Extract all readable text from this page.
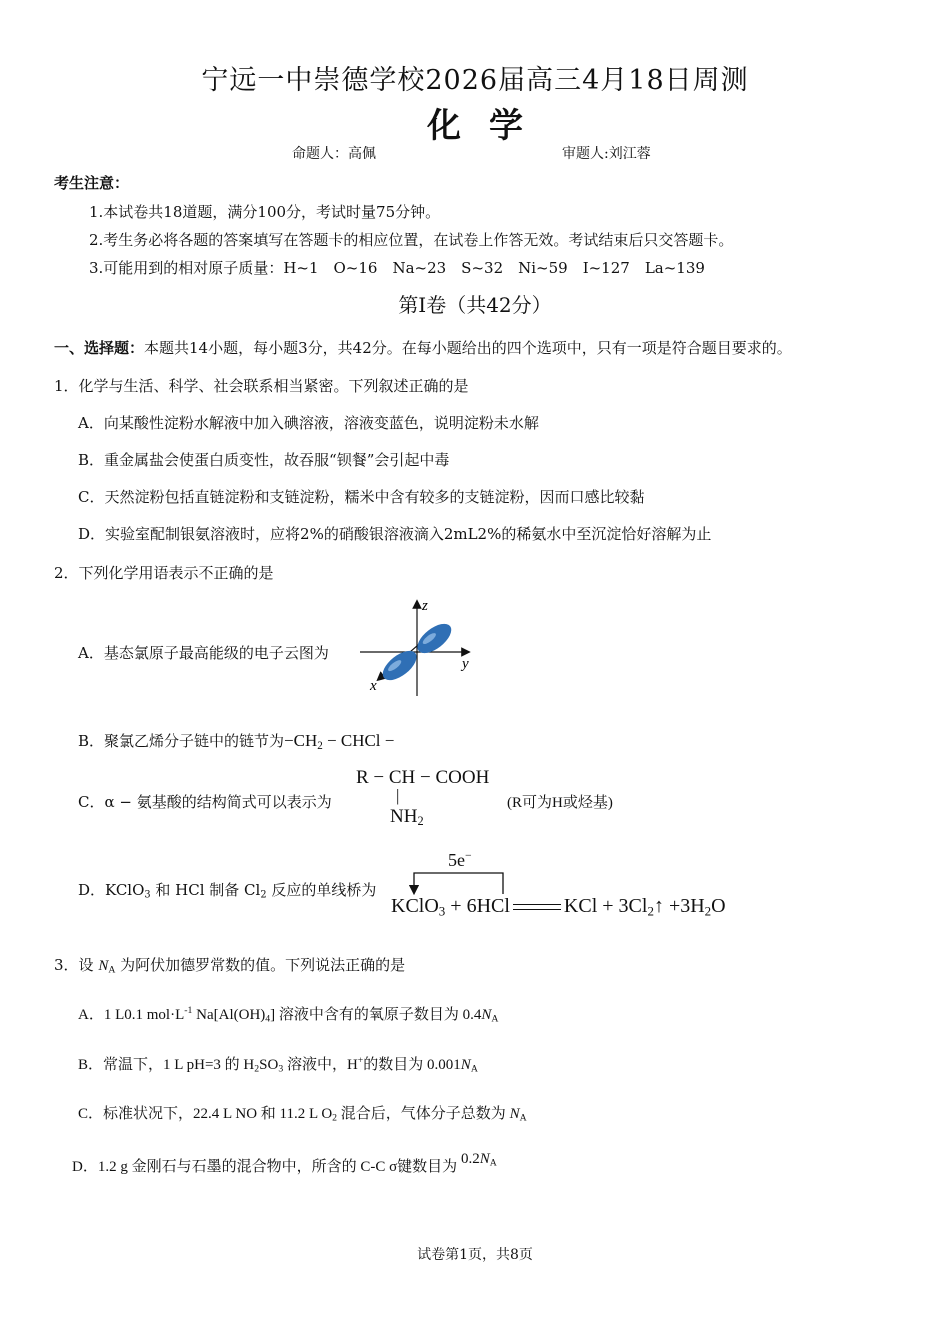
宁远一中崇德学校2026届高三4月18日周测
化学
命题人：高佩	审题人:刘江蓉
考生注意：
1.本试卷共18道题，满分100分，考试时量75分钟。
2.考生务必将各题的答案填写在答题卡的相应位置，在试卷上作答无效。考试结束后只交答题卡。
3.可能用到的相对原子质量：H~1　O~16　Na~23　S~32　Ni~59　I~127　La~139
第I卷（共42分）
一、选择题：本题共14小题，每小题3分，共42分。在每小题给出的四个选项中，只有一项是符合题目要求的。
1．化学与生活、科学、社会联系相当紧密。下列叙述正确的是
A．向某酸性淀粉水解液中加入碘溶液，溶液变蓝色，说明淀粉未水解
B．重金属盐会使蛋白质变性，故吞服“钡餐”会引起中毒
C．天然淀粉包括直链淀粉和支链淀粉，糯米中含有较多的支链淀粉，因而口感比较黏
D．实验室配制银氨溶液时，应将2%的硝酸银溶液滴入2mL2%的稀氨水中至沉淀恰好溶解为止
2．下列化学用语表示不正确的是
A．基态氯原子最高能级的电子云图为
z
y
x
B．聚氯乙烯分子链中的链节为$-CH_2$ − CHCl −
C．α − 氨基酸的结构简式可以表示为
R − CH − COOH
|
$NH_2$
(R可为H或烃基)
D．KClO$_3$ 和 HCl 制备 $Cl_2$ 反应的单线桥为
5e−
KClO$_3$ + 6HCl	KCl + $3Cl_2↑ +3H_2O$
3．设 $N_A$ 为阿伏加德罗常数的值。下列说法正确的是
A．1 L0.1 $mol\cdot L^{-1}$ $Na[Al(OH)_4]$ 溶液中含有的氧原子数目为 $0.4N_A$
B．常温下，1 L pH=3 的 $H_2SO_3$ 溶液中，H+的数目为 $0.001N_A$
C．标准状况下，22.4 L NO 和 11.2 L $O_2$ 混合后，气体分子总数为 $N_A$
D．1.2 g 金刚石与石墨的混合物中，所含的 C-C σ键数目为 $0.2N_A$
试卷第1页，共8页
